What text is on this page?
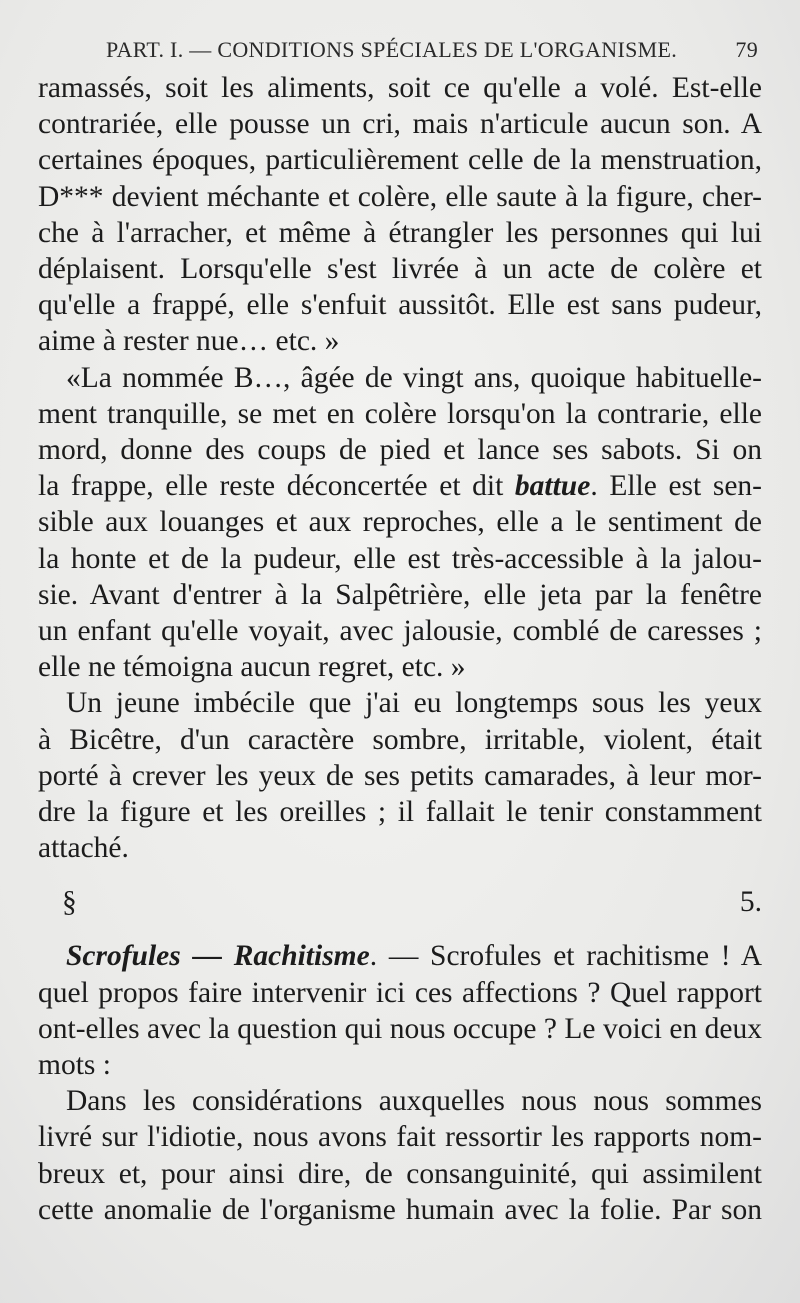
PART. I. — CONDITIONS SPÉCIALES DE L'ORGANISME.	79
ramassés, soit les aliments, soit ce qu'elle a volé. Est-elle
contrariée, elle pousse un cri, mais n'articule aucun son. A
certaines époques, particulièrement celle de la menstruation,
D*** devient méchante et colère, elle saute à la figure, cher-
che à l'arracher, et même à étrangler les personnes qui lui
déplaisent. Lorsqu'elle s'est livrée à un acte de colère et
qu'elle a frappé, elle s'enfuit aussitôt. Elle est sans pudeur,
aime à rester nue… etc. »
«La nommée B…, âgée de vingt ans, quoique habituelle-
ment tranquille, se met en colère lorsqu'on la contrarie, elle
mord, donne des coups de pied et lance ses sabots. Si on
la frappe, elle reste déconcertée et dit battue. Elle est sen-
sible aux louanges et aux reproches, elle a le sentiment de
la honte et de la pudeur, elle est très-accessible à la jalou-
sie. Avant d'entrer à la Salpêtrière, elle jeta par la fenêtre
un enfant qu'elle voyait, avec jalousie, comblé de caresses ;
elle ne témoigna aucun regret, etc. »
Un jeune imbécile que j'ai eu longtemps sous les yeux
à Bicêtre, d'un caractère sombre, irritable, violent, était
porté à crever les yeux de ses petits camarades, à leur mor-
dre la figure et les oreilles ; il fallait le tenir constamment
attaché.
§ 5.
Scrofules — Rachitisme. — Scrofules et rachitisme ! A
quel propos faire intervenir ici ces affections ? Quel rapport
ont-elles avec la question qui nous occupe ? Le voici en deux
mots :
Dans les considérations auxquelles nous nous sommes
livré sur l'idiotie, nous avons fait ressortir les rapports nom-
breux et, pour ainsi dire, de consanguinité, qui assimilent
cette anomalie de l'organisme humain avec la folie. Par son
